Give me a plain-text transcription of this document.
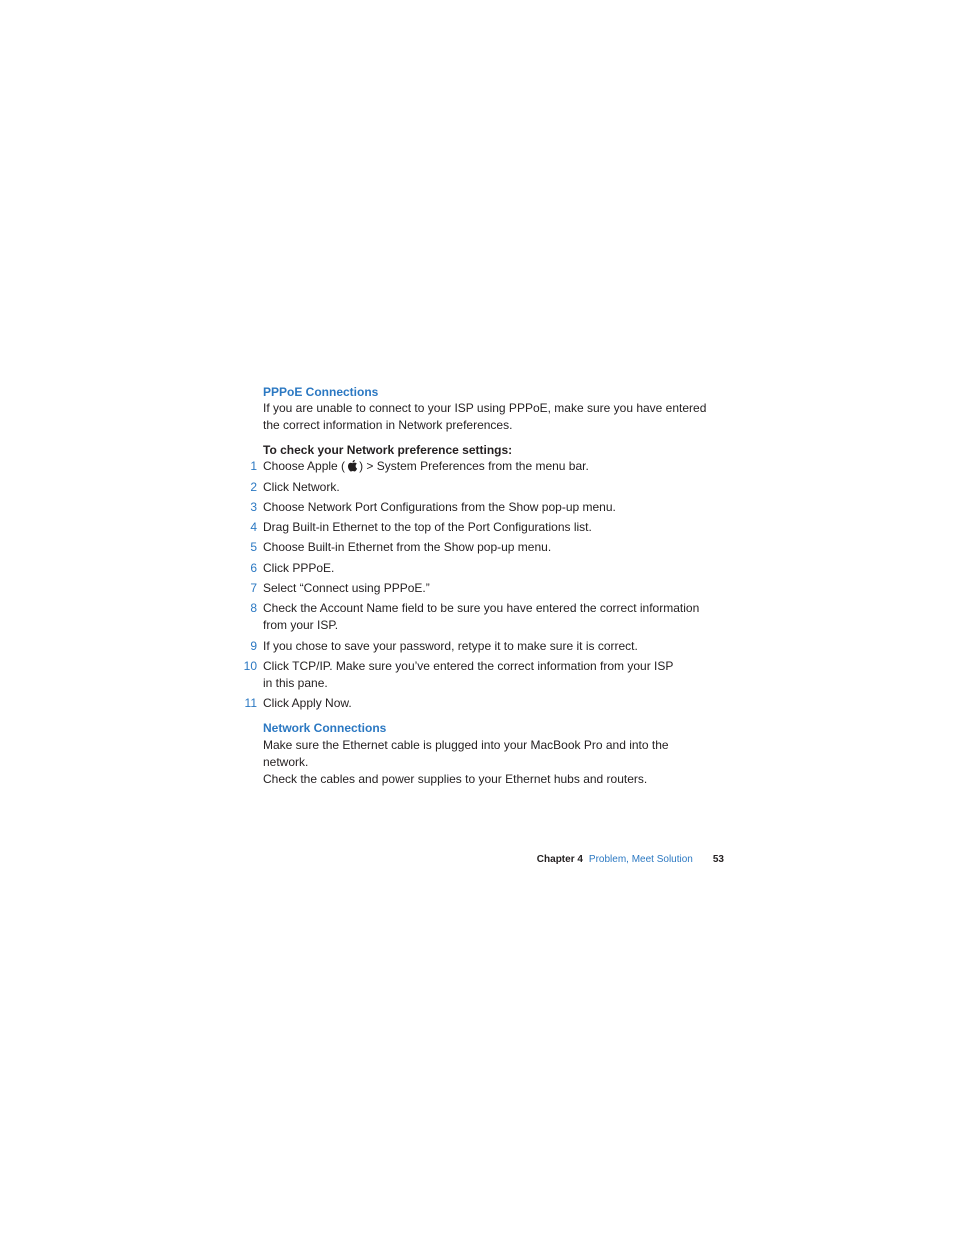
PPPoE Connections

If you are unable to connect to your ISP using PPPoE, make sure you have entered the correct information in Network preferences.

To check your Network preference settings:

1 Choose Apple ( ) > System Preferences from the menu bar.
2 Click Network.
3 Choose Network Port Configurations from the Show pop-up menu.
4 Drag Built-in Ethernet to the top of the Port Configurations list.
5 Choose Built-in Ethernet from the Show pop-up menu.
6 Click PPPoE.
7 Select “Connect using PPPoE.”
8 Check the Account Name field to be sure you have entered the correct information
from your ISP.
9 If you chose to save your password, retype it to make sure it is correct.
10 Click TCP/IP. Make sure you’ve entered the correct information from your ISP
in this pane.
11 Click Apply Now.
Network Connections

Make sure the Ethernet cable is plugged into your MacBook Pro and into the network.
Check the cables and power supplies to your Ethernet hubs and routers.

Chapter 4 Problem, Meet Solution 53
